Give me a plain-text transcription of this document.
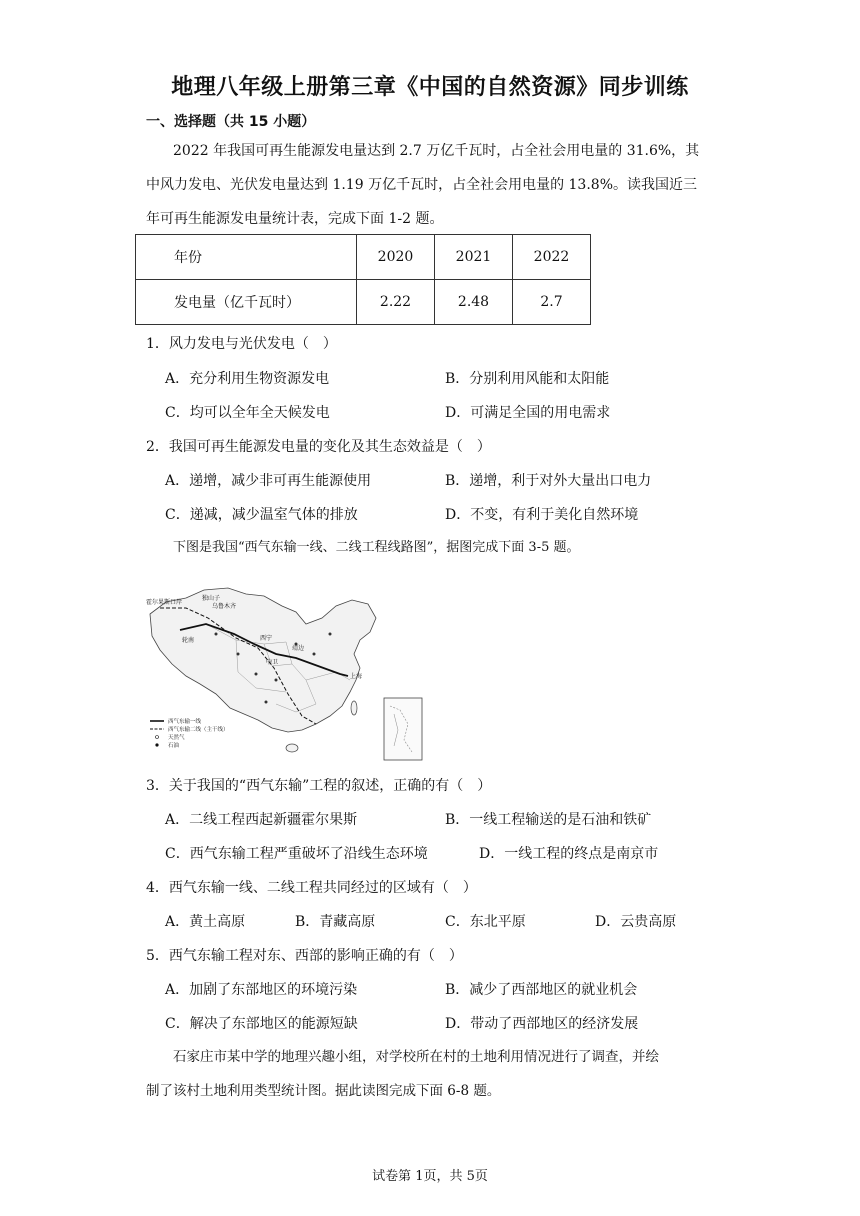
地理八年级上册第三章《中国的自然资源》同步训练
一、选择题（共 15 小题）
2022 年我国可再生能源发电量达到 2.7 万亿千瓦时，占全社会用电量的 31.6%，其
中风力发电、光伏发电量达到 1.19 万亿千瓦时，占全社会用电量的 13.8%。读我国近三
年可再生能源发电量统计表，完成下面 1-2 题。
年份	2020	2021	2022
发电量（亿千瓦时）	2.22	2.48	2.7
1．风力发电与光伏发电（　）
A．充分利用生物资源发电	B．分别利用风能和太阳能
C．均可以全年全天候发电	D．可满足全国的用电需求
2．我国可再生能源发电量的变化及其生态效益是（　）
A．递增，减少非可再生能源使用	B．递增，利于对外大量出口电力
C．递减，减少温室气体的排放	D．不变，有利于美化自然环境
下图是我国“西气东输一线、二线工程线路图”，据图完成下面 3-5 题。
霍尔果斯口岸
独山子
乌鲁木齐
轮南	西宁
靖边
中卫
上海
西气东输一线
西气东输二线（主干线）
天然气
石油
3．关于我国的“西气东输”工程的叙述，正确的有（　）
A．二线工程西起新疆霍尔果斯	B．一线工程输送的是石油和铁矿
C．西气东输工程严重破坏了沿线生态环境	D．一线工程的终点是南京市
4．西气东输一线、二线工程共同经过的区域有（　）
A．黄土高原	B．青藏高原	C．东北平原	D．云贵高原
5．西气东输工程对东、西部的影响正确的有（　）
A．加剧了东部地区的环境污染	B．减少了西部地区的就业机会
C．解决了东部地区的能源短缺	D．带动了西部地区的经济发展
石家庄市某中学的地理兴趣小组，对学校所在村的土地利用情况进行了调查，并绘
制了该村土地利用类型统计图。据此读图完成下面 6-8 题。
试卷第 1页，共 5页
